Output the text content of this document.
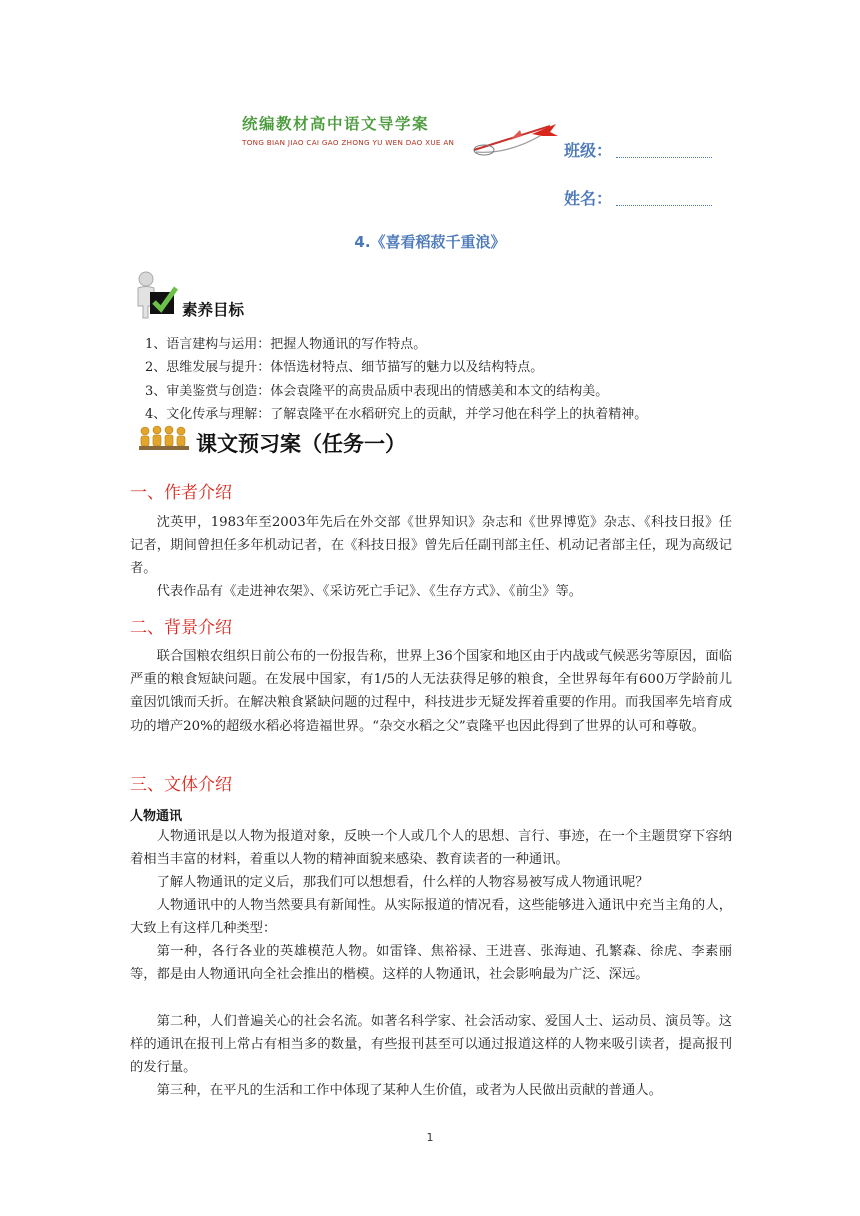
统编教材高中语文导学案
TONG BIAN JIAO CAI GAO ZHONG YU WEN DAO XUE AN	班级：
姓名：
4.《喜看稻菽千重浪》
素养目标
1、语言建构与运用：把握人物通讯的写作特点。
2、思维发展与提升：体悟选材特点、细节描写的魅力以及结构特点。
3、审美鉴赏与创造：体会袁隆平的高贵品质中表现出的情感美和本文的结构美。
4、文化传承与理解：了解袁隆平在水稻研究上的贡献，并学习他在科学上的执着精神。
课文预习案（任务一）
一、作者介绍

沈英甲，1983年至2003年先后在外交部《世界知识》杂志和《世界博览》杂志、《科技日报》任记者，期间曾担任多年机动记者，在《科技日报》曾先后任副刊部主任、机动记者部主任，现为高级记者。

代表作品有《走进神农架》、《采访死亡手记》、《生存方式》、《前尘》等。

二、背景介绍

联合国粮农组织日前公布的一份报告称，世界上36个国家和地区由于内战或气候恶劣等原因，面临严重的粮食短缺问题。在发展中国家，有1/5的人无法获得足够的粮食，全世界每年有600万学龄前儿童因饥饿而夭折。在解决粮食紧缺问题的过程中，科技进步无疑发挥着重要的作用。而我国率先培育成功的增产20%的超级水稻必将造福世界。“杂交水稻之父”袁隆平也因此得到了世界的认可和尊敬。

三、文体介绍
人物通讯

人物通讯是以人物为报道对象，反映一个人或几个人的思想、言行、事迹，在一个主题贯穿下容纳着相当丰富的材料，着重以人物的精神面貌来感染、教育读者的一种通讯。

了解人物通讯的定义后，那我们可以想想看，什么样的人物容易被写成人物通讯呢？

人物通讯中的人物当然要具有新闻性。从实际报道的情况看，这些能够进入通讯中充当主角的人，大致上有这样几种类型：

第一种，各行各业的英雄模范人物。如雷锋、焦裕禄、王进喜、张海迪、孔繁森、徐虎、李素丽等，都是由人物通讯向全社会推出的楷模。这样的人物通讯，社会影响最为广泛、深远。

第二种，人们普遍关心的社会名流。如著名科学家、社会活动家、爱国人士、运动员、演员等。这样的通讯在报刊上常占有相当多的数量，有些报刊甚至可以通过报道这样的人物来吸引读者，提高报刊的发行量。

第三种，在平凡的生活和工作中体现了某种人生价值，或者为人民做出贡献的普通人。

1
